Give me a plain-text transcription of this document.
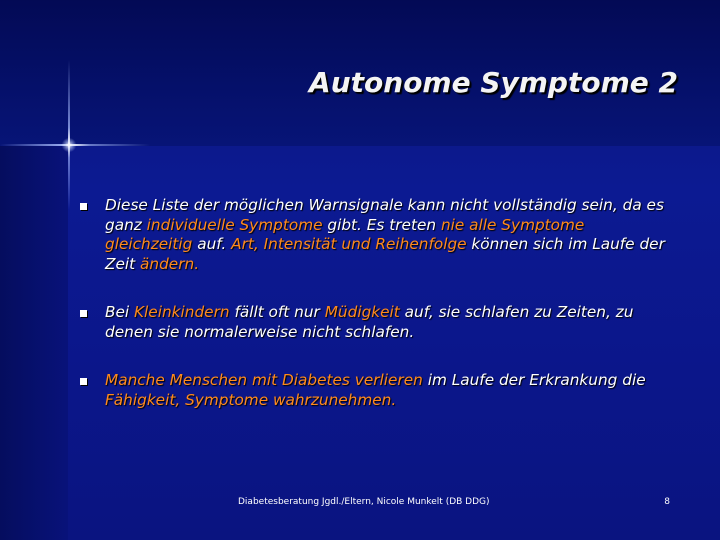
Autonome Symptome 2
Diese Liste der möglichen Warnsignale kann nicht vollständig sein, da es ganz individuelle Symptome gibt. Es treten nie alle Symptome gleichzeitig auf. Art, Intensität und Reihenfolge können sich im Laufe der Zeit ändern.
Bei Kleinkindern fällt oft nur Müdigkeit auf, sie schlafen zu Zeiten, zu denen sie normalerweise nicht schlafen.
Manche Menschen mit Diabetes verlieren im Laufe der Erkrankung die Fähigkeit, Symptome wahrzunehmen.
Diabetesberatung Jgdl./Eltern, Nicole Munkelt (DB DDG)	8
